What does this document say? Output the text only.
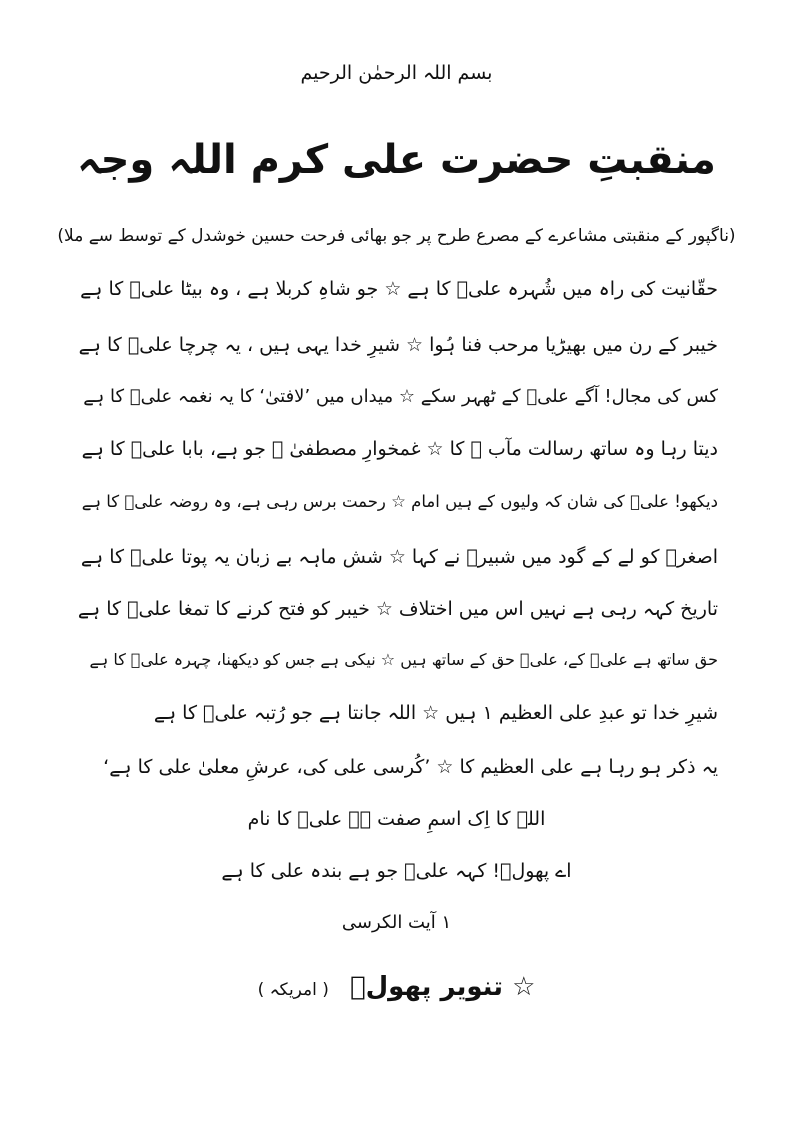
بسم اللہ الرحمٰن الرحیم
منقبتِ حضرت علی کرم اللہ وجہ
(ناگپور کے منقبتی مشاعرے کے مصرع طرح پر جو بھائی فرحت حسین خوشدل کے توسط سے ملا)
حقّانیت کی راہ میں شُہرہ علیؑ کا ہے ☆ جو شاہِ کربلا ہے ، وہ بیٹا علیؑ کا ہے
خیبر کے رن میں بھیڑیا مرحب فنا ہُوا ☆ شیرِ خدا یہی ہیں ، یہ چرچا علیؑ کا ہے
کس کی مجال! آگے علیؑ کے ٹھہر سکے ☆ میداں میں ’لافتیٰ‘ کا یہ نغمہ علیؑ کا ہے
دیتا رہا وہ ساتھ رسالت مآب ﷺ کا ☆ غمخوارِ مصطفیٰ ﷺ جو ہے، بابا علیؑ کا ہے
دیکھو! علیؑ کی شان کہ ولیوں کے ہیں امام ☆ رحمت برس رہی ہے، وہ روضہ علیؑ کا ہے
اصغرؑ کو لے کے گود میں شبیرؑ نے کہا ☆ شش ماہہ بے زبان یہ پوتا علیؑ کا ہے
تاریخ کہہ رہی ہے نہیں اس میں اختلاف ☆ خیبر کو فتح کرنے کا تمغا علیؑ کا ہے
حق ساتھ ہے علیؑ کے، علیؑ حق کے ساتھ ہیں ☆ نیکی ہے جس کو دیکھنا، چہرہ علیؑ کا ہے
شیرِ خدا تو عبدِ علی العظیم ۱ ہیں ☆ اللہ جانتا ہے جو رُتبہ علیؑ کا ہے
یہ ذکر ہو رہا ہے علی العظیم کا ☆ ’کُرسی علی کی، عرشِ معلیٰ علی کا ہے‘
اللہ کا اِک اسمِ صفت ہے علیؑ کا نام
اے پھولؔ! کہہ علیؑ جو ہے بندہ علی کا ہے
۱ آیت الکرسی
☆ تنویر پھولؔ ( امریکہ )
